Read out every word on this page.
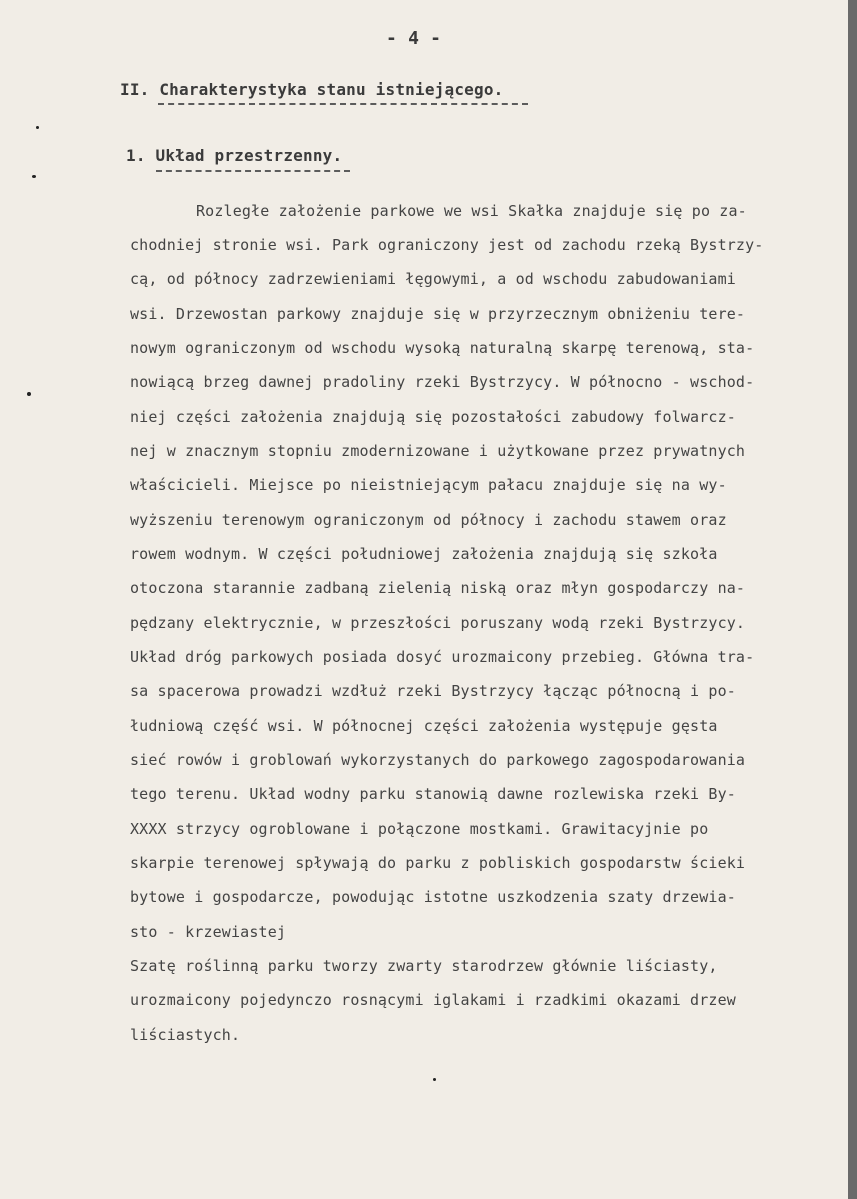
- 4 -
II. Charakterystyka stanu istniejącego.
1. Układ przestrzenny.
Rozległe założenie parkowe we wsi Skałka znajduje się po za-
chodniej stronie wsi. Park ograniczony jest od zachodu rzeką Bystrzy-
cą, od północy zadrzewieniami łęgowymi, a od wschodu zabudowaniami
wsi. Drzewostan parkowy znajduje się w przyrzecznym obniżeniu tere-
nowym ograniczonym od wschodu wysoką naturalną skarpę terenową, sta-
nowiącą brzeg dawnej pradoliny rzeki Bystrzycy. W północno - wschod-
niej części założenia znajdują się pozostałości zabudowy folwarcz-
nej w znacznym stopniu zmodernizowane i użytkowane przez prywatnych
właścicieli. Miejsce po nieistniejącym pałacu znajduje się na wy-
wyższeniu terenowym ograniczonym od północy i zachodu stawem oraz
rowem wodnym. W części południowej założenia znajdują się szkoła
otoczona starannie zadbaną zielenią niską oraz młyn gospodarczy na-
pędzany elektrycznie, w przeszłości poruszany wodą rzeki Bystrzycy.
Układ dróg parkowych posiada dosyć urozmaicony przebieg. Główna tra-
sa spacerowa prowadzi wzdłuż rzeki Bystrzycy łącząc północną i po-
łudniową część wsi. W północnej części założenia występuje gęsta
sieć rowów i groblowań wykorzystanych do parkowego zagospodarowania
tego terenu. Układ wodny parku stanowią dawne rozlewiska rzeki By-
XXXX strzycy ogroblowane i połączone mostkami. Grawitacyjnie po
skarpie terenowej spływają do parku z pobliskich gospodarstw ścieki
bytowe i gospodarcze, powodując istotne uszkodzenia szaty drzewia-
sto - krzewiastej
Szatę roślinną parku tworzy zwarty starodrzew głównie liściasty,
urozmaicony pojedynczo rosnącymi iglakami i rzadkimi okazami drzew
liściastych.
